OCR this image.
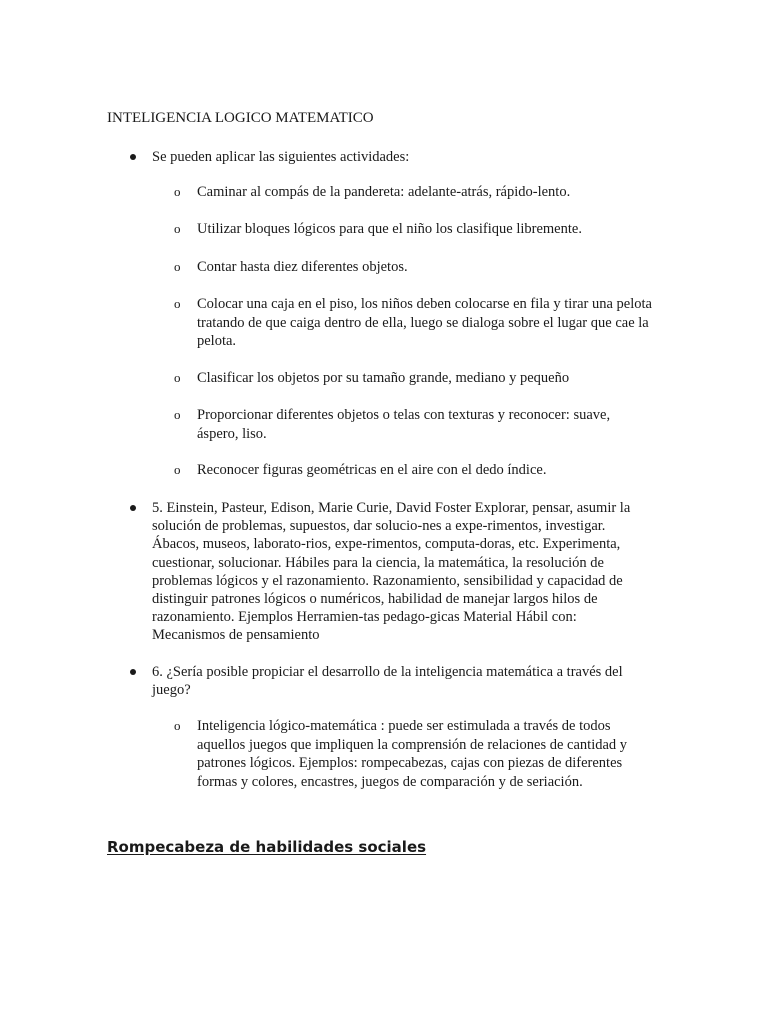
INTELIGENCIA LOGICO MATEMATICO
Se pueden aplicar las siguientes actividades:
o Caminar al compás de la pandereta: adelante-atrás, rápido-lento.
o Utilizar bloques lógicos para que el niño los clasifique libremente.
o Contar hasta diez diferentes objetos.
o Colocar una caja en el piso, los niños deben colocarse en fila y tirar una pelota tratando de que caiga dentro de ella, luego se dialoga sobre el lugar que cae la pelota.
o Clasificar los objetos por su tamaño grande, mediano y pequeño
o Proporcionar diferentes objetos o telas con texturas y reconocer: suave, áspero, liso.
o Reconocer figuras geométricas en el aire con el dedo índice.
5. Einstein, Pasteur, Edison, Marie Curie, David Foster Explorar, pensar, asumir la solución de problemas, supuestos, dar solucio-nes a expe-rimentos, investigar. Ábacos, museos, laborato-rios, expe-rimentos, computa-doras, etc. Experimenta, cuestionar, solucionar. Hábiles para la ciencia, la matemática, la resolución de problemas lógicos y el razonamiento. Razonamiento, sensibilidad y capacidad de distinguir patrones lógicos o numéricos, habilidad de manejar largos hilos de razonamiento. Ejemplos Herramien-tas pedago-gicas Material Hábil con: Mecanismos de pensamiento
6. ¿Sería posible propiciar el desarrollo de la inteligencia matemática a través del juego?
o Inteligencia lógico-matemática : puede ser estimulada a través de todos aquellos juegos que impliquen la comprensión de relaciones de cantidad y patrones lógicos. Ejemplos: rompecabezas, cajas con piezas de diferentes formas y colores, encastres, juegos de comparación y de seriación.
Rompecabeza de habilidades sociales
